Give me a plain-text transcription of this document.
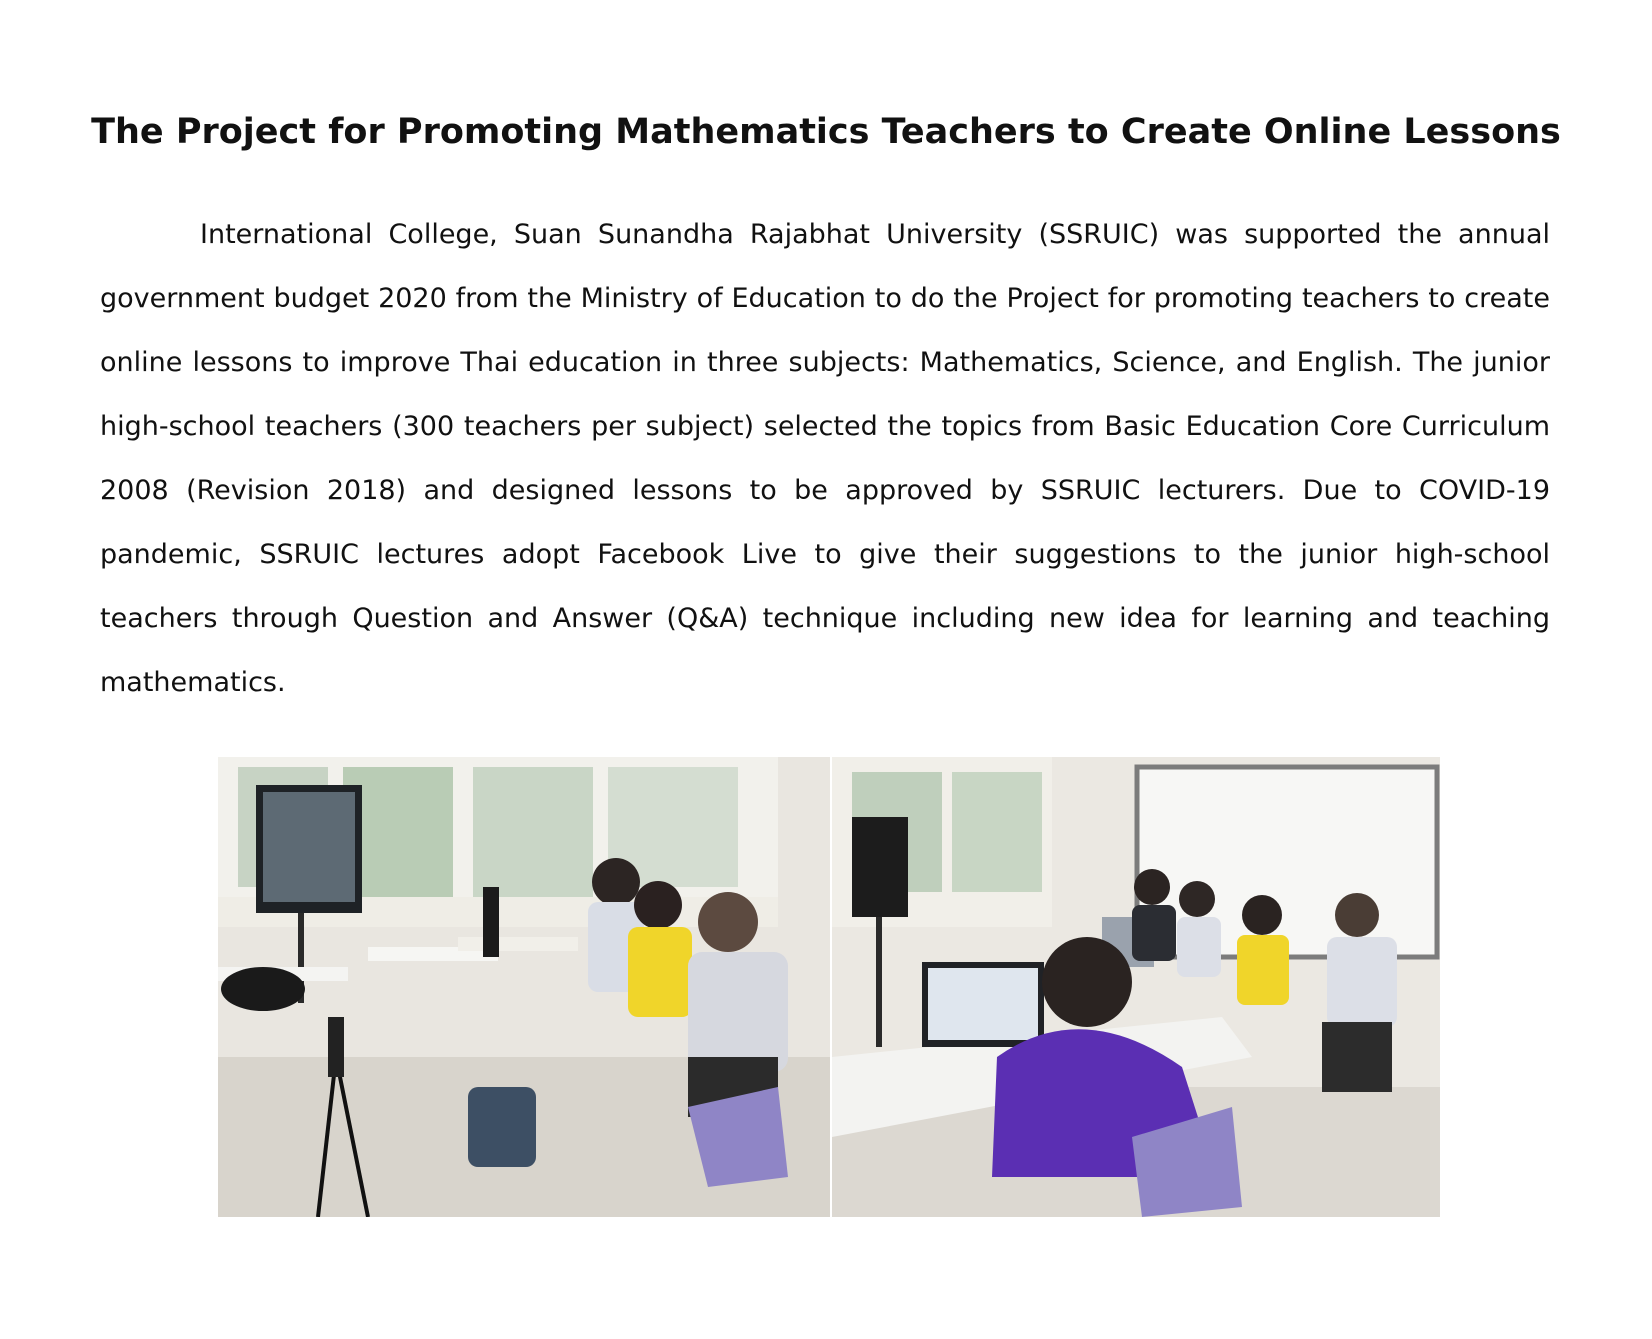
The Project for Promoting Mathematics Teachers to Create Online Lessons
International College, Suan Sunandha Rajabhat University (SSRUIC) was supported the annual government budget 2020 from the Ministry of Education to do the Project for promoting teachers to create online lessons to improve Thai education in three subjects: Mathematics, Science, and English. The junior high-school teachers (300 teachers per subject) selected the topics from Basic Education Core Curriculum 2008 (Revision 2018) and designed lessons to be approved by SSRUIC lecturers. Due to COVID-19 pandemic, SSRUIC lectures adopt Facebook Live to give their suggestions to the junior high-school teachers through Question and Answer (Q&A) technique including new idea for learning and teaching mathematics.
